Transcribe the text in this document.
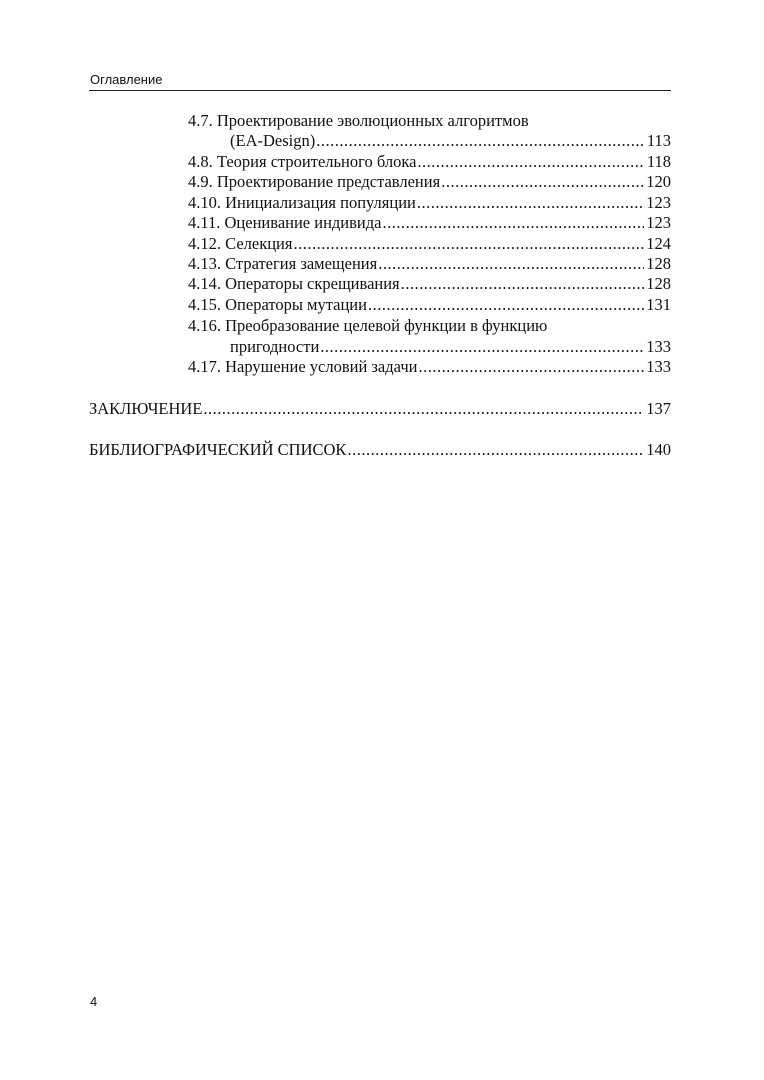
Оглавление
4.7. Проектирование эволюционных алгоритмов
(EA-Design) .....	113
4.8. Теория строительного блока .....	118
4.9. Проектирование представления .....	120
4.10. Инициализация популяции .....	123
4.11. Оценивание индивида .....	123
4.12. Селекция .....	124
4.13. Стратегия замещения .....	128
4.14. Операторы скрещивания .....	128
4.15. Операторы мутации .....	131
4.16. Преобразование целевой функции в функцию
пригодности .....	133
4.17. Нарушение условий задачи .....	133
ЗАКЛЮЧЕНИЕ .....	137
БИБЛИОГРАФИЧЕСКИЙ СПИСОК .....	140
4
